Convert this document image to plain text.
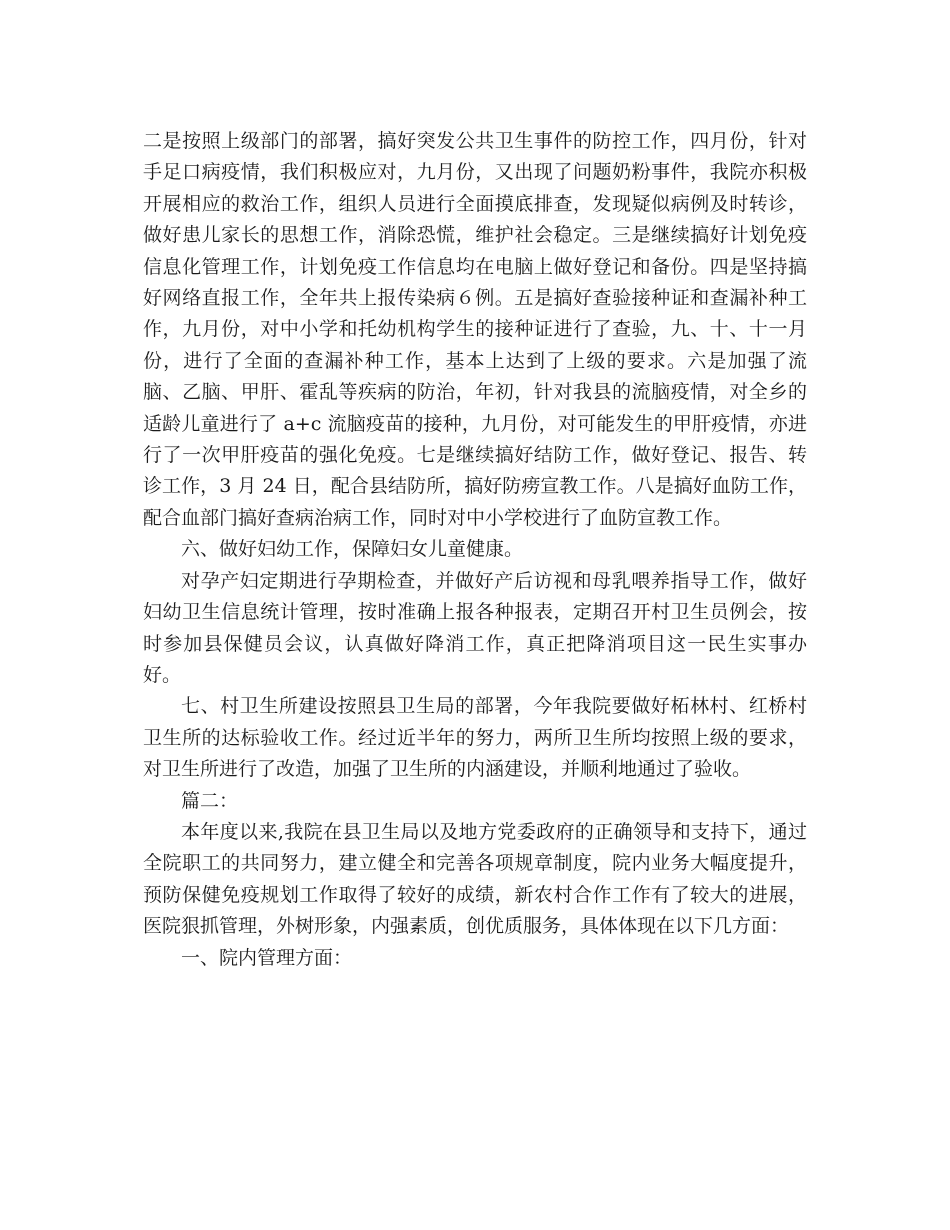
二是按照上级部门的部署，搞好突发公共卫生事件的防控工作，四月份，针对手足口病疫情，我们积极应对，九月份，又出现了问题奶粉事件，我院亦积极开展相应的救治工作，组织人员进行全面摸底排查，发现疑似病例及时转诊，做好患儿家长的思想工作，消除恐慌，维护社会稳定。三是继续搞好计划免疫信息化管理工作，计划免疫工作信息均在电脑上做好登记和备份。四是坚持搞好网络直报工作，全年共上报传染病６例。五是搞好查验接种证和查漏补种工作，九月份，对中小学和托幼机构学生的接种证进行了查验，九、十、十一月份，进行了全面的查漏补种工作，基本上达到了上级的要求。六是加强了流脑、乙脑、甲肝、霍乱等疾病的防治，年初，针对我县的流脑疫情，对全乡的适龄儿童进行了 a+c 流脑疫苗的接种，九月份，对可能发生的甲肝疫情，亦进行了一次甲肝疫苗的强化免疫。七是继续搞好结防工作，做好登记、报告、转诊工作，3 月 24 日，配合县结防所，搞好防痨宣教工作。八是搞好血防工作，配合血部门搞好查病治病工作，同时对中小学校进行了血防宣教工作。

六、做好妇幼工作，保障妇女儿童健康。

对孕产妇定期进行孕期检查，并做好产后访视和母乳喂养指导工作，做好妇幼卫生信息统计管理，按时准确上报各种报表，定期召开村卫生员例会，按时参加县保健员会议，认真做好降消工作，真正把降消项目这一民生实事办好。

七、村卫生所建设按照县卫生局的部署，今年我院要做好柘林村、红桥村卫生所的达标验收工作。经过近半年的努力，两所卫生所均按照上级的要求，对卫生所进行了改造，加强了卫生所的内涵建设，并顺利地通过了验收。

篇二：

本年度以来,我院在县卫生局以及地方党委政府的正确领导和支持下，通过全院职工的共同努力，建立健全和完善各项规章制度，院内业务大幅度提升，预防保健免疫规划工作取得了较好的成绩，新农村合作工作有了较大的进展，医院狠抓管理，外树形象，内强素质，创优质服务，具体体现在以下几方面：

一、院内管理方面：
